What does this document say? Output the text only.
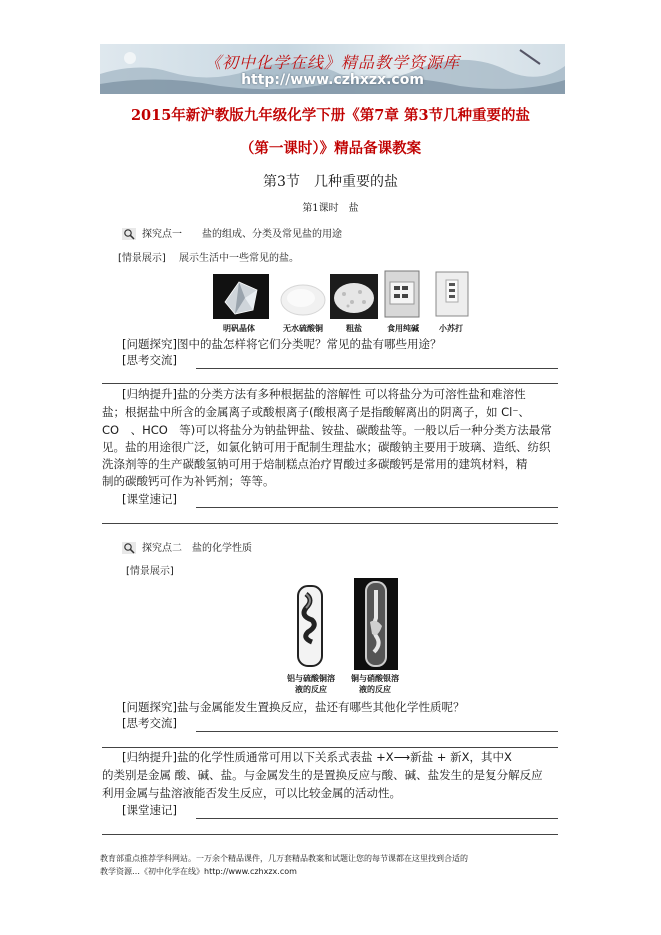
《初中化学在线》精品教学资源库
http://www.czhxzx.com
2015年新沪教版九年级化学下册《第7章 第3节几种重要的盐
（第一课时）》精品备课教案
第3节　几种重要的盐
第1课时　盐
探究点一　　盐的组成、分类及常见盐的用途
[情景展示] 展示生活中一些常见的盐。
明矾晶体	无水硫酸铜	粗盐	食用纯碱	小苏打
[问题探究]图中的盐怎样将它们分类呢？常见的盐有哪些用途？
[思考交流]
[归纳提升]盐的分类方法有多种根据盐的溶解性 可以将盐分为可溶性盐和难溶性
盐；根据盐中所含的金属离子或酸根离子(酸根离子是指酸解离出的阴离子，如 Cl⁻、
CO　、HCO　等)可以将盐分为钠盐钾盐、铵盐、碳酸盐等。一般以后一种分类方法最常
见。盐的用途很广泛，如氯化钠可用于配制生理盐水；碳酸钠主要用于玻璃、造纸、纺织
洗涤剂等的生产碳酸氢钠可用于焙制糕点治疗胃酸过多碳酸钙是常用的建筑材料，精
制的碳酸钙可作为补钙剂；等等。
[课堂速记]
探究点二　盐的化学性质
[情景展示]
铝与硫酸铜溶液的反应
铜与硝酸银溶液的反应
[问题探究]盐与金属能发生置换反应，盐还有哪些其他化学性质呢？
[思考交流]
[归纳提升]盐的化学性质通常可用以下关系式表盐 +X⟶新盐 + 新X，其中X
的类别是金属 酸、碱、盐。与金属发生的是置换反应与酸、碱、盐发生的是复分解反应
利用金属与盐溶液能否发生反应，可以比较金属的活动性。
[课堂速记]
教育部重点推荐学科网站。一万余个精品课件，几万套精品教案和试题让您的每节课都在这里找到合适的
教学资源…《初中化学在线》http://www.czhxzx.com
